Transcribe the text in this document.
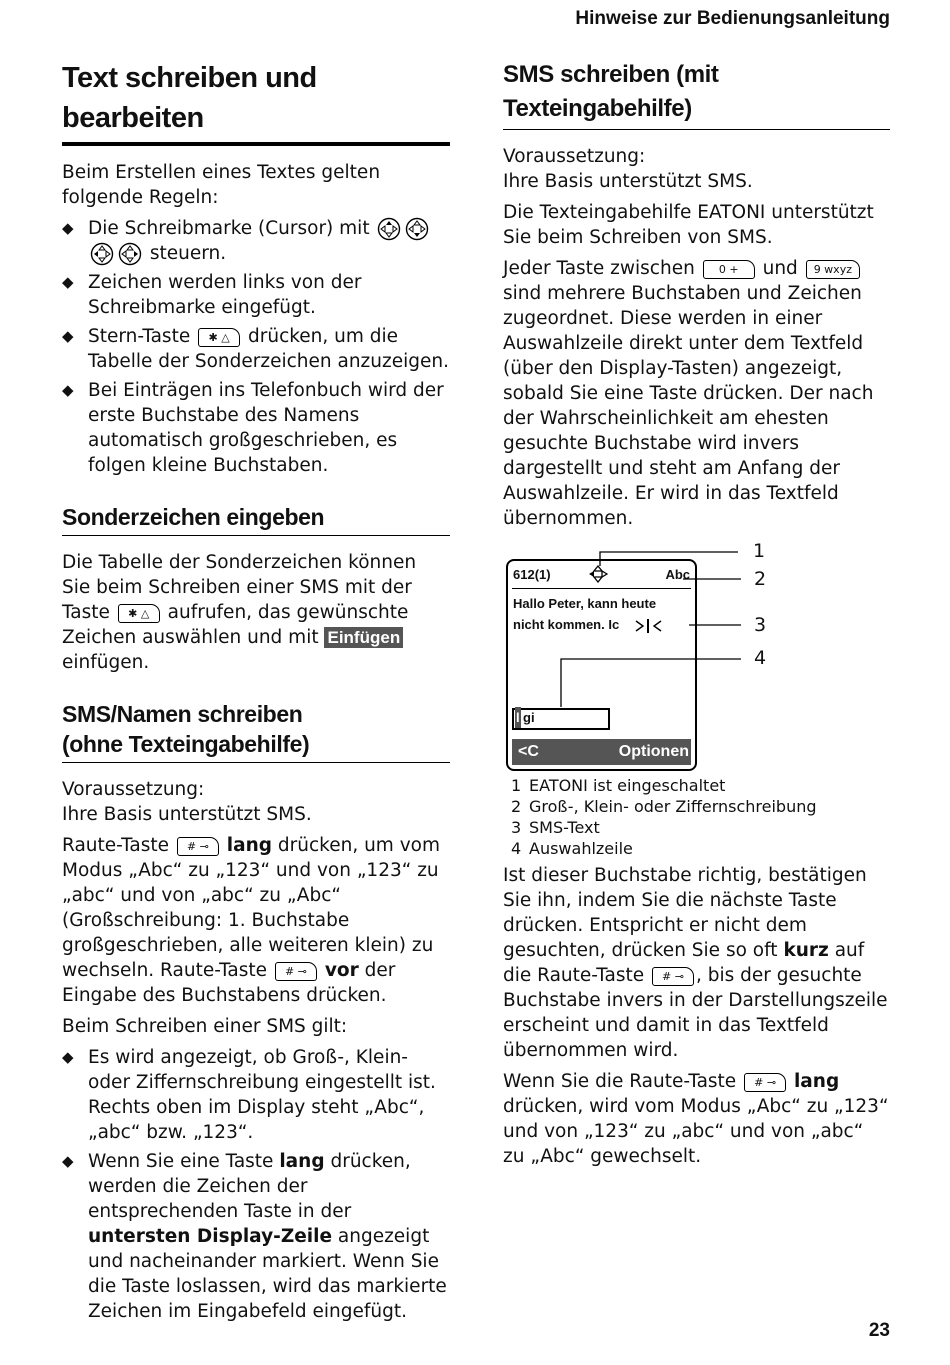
Hinweise zur Bedienungsanleitung
Text schreiben und bearbeiten

Beim Erstellen eines Textes gelten folgende Regeln:

◆ Die Schreibmarke (Cursor) mit
steuern.
◆ Zeichen werden links von der Schreibmarke eingefügt.
◆ Stern-Taste ✱ △ drücken, um die Tabelle der Sonderzeichen anzuzeigen.
◆ Bei Einträgen ins Telefonbuch wird der erste Buchstabe des Namens automatisch großgeschrieben, es folgen kleine Buchstaben.
Sonderzeichen eingeben

Die Tabelle der Sonderzeichen können Sie beim Schreiben einer SMS mit der Taste ✱ △ aufrufen, das gewünschte Zeichen auswählen und mit Einfügen einfügen.

SMS/Namen schreiben
(ohne Texteingabehilfe)

Voraussetzung:
Ihre Basis unterstützt SMS.

Raute-Taste # ⊸ lang drücken, um vom Modus „Abc“ zu „123“ und von „123“ zu „abc“ und von „abc“ zu „Abc“ (Großschreibung: 1. Buchstabe großgeschrieben, alle weiteren klein) zu wechseln. Raute-Taste # ⊸ vor der Eingabe des Buchstabens drücken.

Beim Schreiben einer SMS gilt:

◆ Es wird angezeigt, ob Groß-, Klein- oder Ziffernschreibung eingestellt ist. Rechts oben im Display steht „Abc“, „abc“ bzw. „123“.
◆ Wenn Sie eine Taste lang drücken, werden die Zeichen der entsprechenden Taste in der untersten Display-Zeile angezeigt und nacheinander markiert. Wenn Sie die Taste loslassen, wird das markierte Zeichen im Eingabefeld eingefügt.
SMS schreiben (mit Texteingabehilfe)

Voraussetzung:
Ihre Basis unterstützt SMS.

Die Texteingabehilfe EATONI unterstützt Sie beim Schreiben von SMS.

Jeder Taste zwischen 0 + und 9 wxyz sind mehrere Buchstaben und Zeichen zugeordnet. Diese werden in einer Auswahlzeile direkt unter dem Textfeld (über den Display-Tasten) angezeigt, sobald Sie eine Taste drücken. Der nach der Wahrscheinlichkeit am ehesten gesuchte Buchstabe wird invers dargestellt und steht am Anfang der Auswahlzeile. Er wird in das Textfeld übernommen.

612(1)	Abc
Hallo Peter, kann heute
nicht kommen. Ic
l gi
<C	Optionen
1
2
3
4
1 EATONI ist eingeschaltet
2 Groß-, Klein- oder Ziffernschreibung
3 SMS-Text
4 Auswahlzeile

Ist dieser Buchstabe richtig, bestätigen Sie ihn, indem Sie die nächste Taste drücken. Entspricht er nicht dem gesuchten, drücken Sie so oft kurz auf die Raute-Taste # ⊸ , bis der gesuchte Buchstabe invers in der Darstellungszeile erscheint und damit in das Textfeld übernommen wird.

Wenn Sie die Raute-Taste # ⊸ lang drücken, wird vom Modus „Abc“ zu „123“ und von „123“ zu „abc“ und von „abc“ zu „Abc“ gewechselt.

23
